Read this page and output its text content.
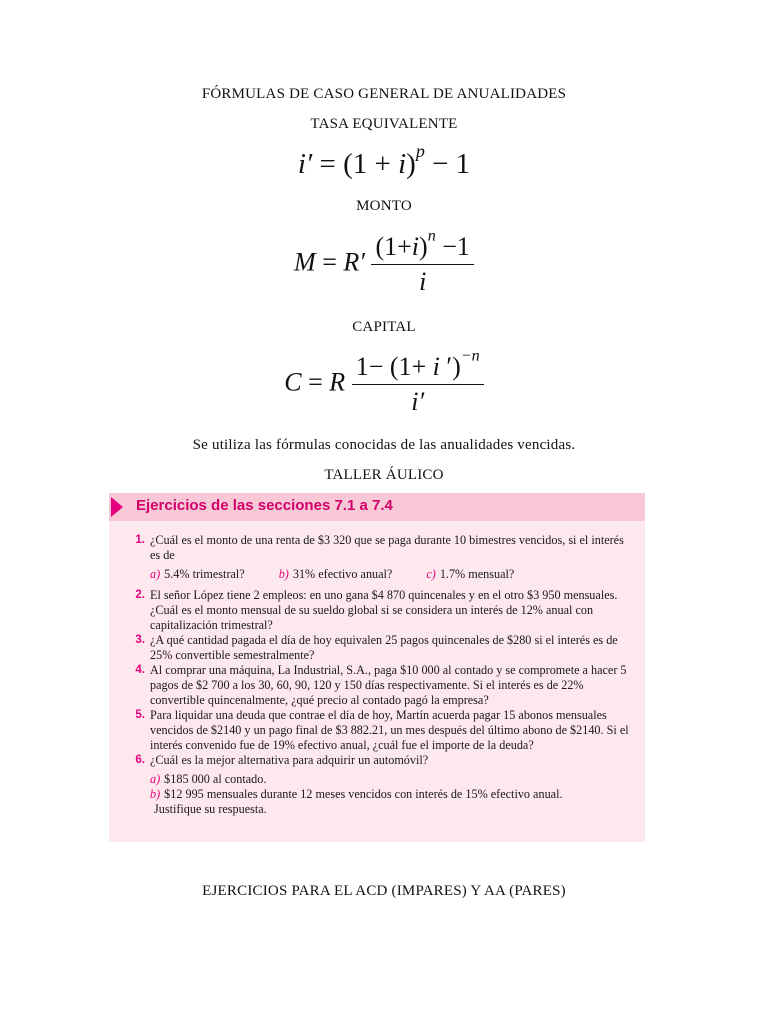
FÓRMULAS DE CASO GENERAL DE ANUALIDADES
TASA EQUIVALENTE
$i' = (1 + i)^p - 1$
MONTO
$M = R' \frac{(1+i)^n -1}{i}$
CAPITAL
C = R $\frac{1- (1+ i ')^{-n}}{i'}$
Se utiliza las fórmulas conocidas de las anualidades vencidas.
TALLER ÁULICO
Ejercicios de las secciones 7.1 a 7.4
1. ¿Cuál es el monto de una renta de $3 320 que se paga durante 10 bimestres vencidos, si el interés es de
a) 5.4% trimestral?	b) 31% efectivo anual?	c) 1.7% mensual?
2. El señor López tiene 2 empleos: en uno gana $4 870 quincenales y en el otro $3 950 mensuales. ¿Cuál es el monto mensual de su sueldo global si se considera un interés de 12% anual con capitalización trimestral?
3. ¿A qué cantidad pagada el día de hoy equivalen 25 pagos quincenales de $280 si el interés es de 25% convertible semestralmente?
4. Al comprar una máquina, La Industrial, S.A., paga $10 000 al contado y se compromete a hacer 5 pagos de $2 700 a los 30, 60, 90, 120 y 150 días respectivamente. Si el interés es de 22% convertible quincenalmente, ¿qué precio al contado pagó la empresa?
5. Para liquidar una deuda que contrae el día de hoy, Martín acuerda pagar 15 abonos mensuales vencidos de $2140 y un pago final de $3 882.21, un mes después del último abono de $2140. Si el interés convenido fue de 19% efectivo anual, ¿cuál fue el importe de la deuda?
6. ¿Cuál es la mejor alternativa para adquirir un automóvil?
a) $185 000 al contado.
b) $12 995 mensuales durante 12 meses vencidos con interés de 15% efectivo anual.
Justifique su respuesta.
EJERCICIOS PARA EL ACD (IMPARES) Y AA (PARES)
